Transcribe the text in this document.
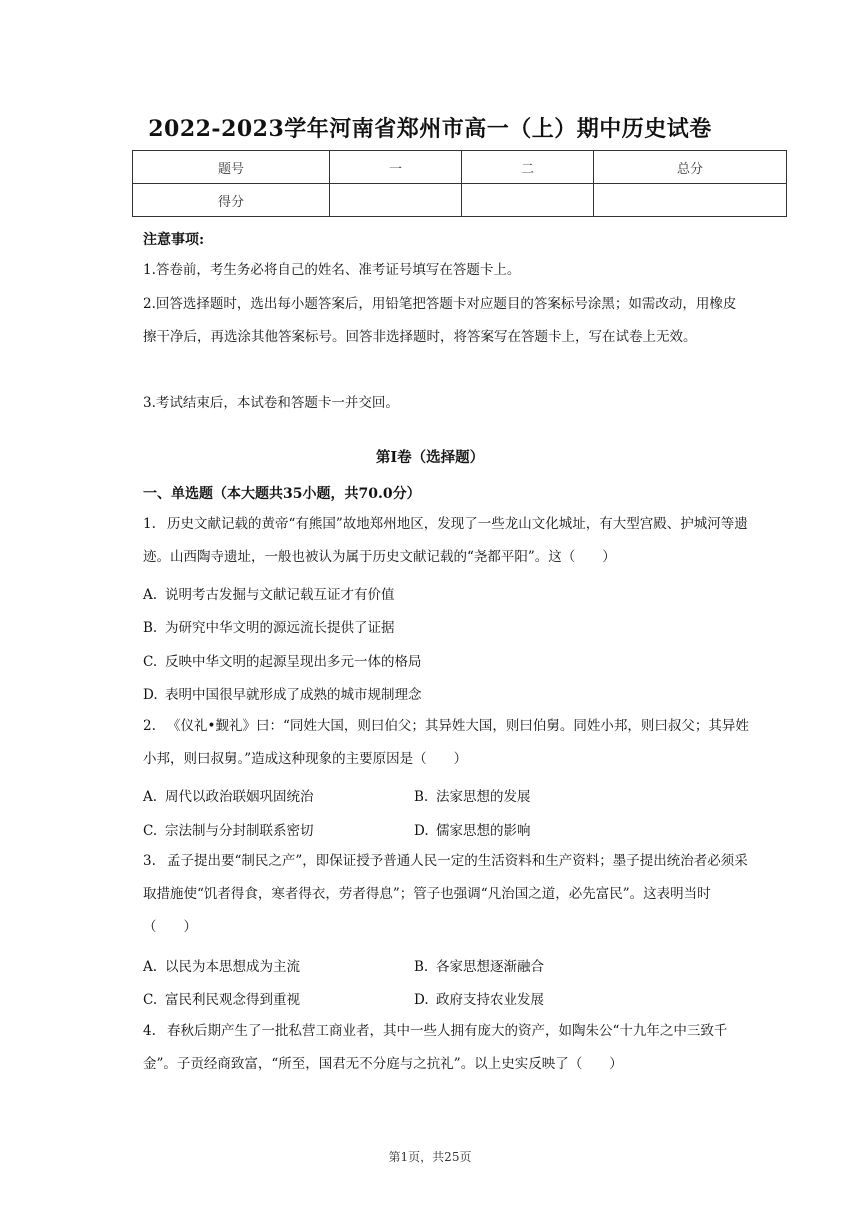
2022-2023学年河南省郑州市高一（上）期中历史试卷
题号	一	二	总分
得分			
注意事项:
1.答卷前，考生务必将自己的姓名、准考证号填写在答题卡上。
2.回答选择题时，选出每小题答案后，用铅笔把答题卡对应题目的答案标号涂黑；如需改动，用橡皮擦干净后，再选涂其他答案标号。回答非选择题时，将答案写在答题卡上，写在试卷上无效。
3.考试结束后，本试卷和答题卡一并交回。
第I卷（选择题）
一、单选题（本大题共35小题，共70.0分）
1. 历史文献记载的黄帝“有熊国”故地郑州地区，发现了一些龙山文化城址，有大型宫殿、护城河等遗迹。山西陶寺遗址，一般也被认为属于历史文献记载的“尧都平阳”。这（　　）
A. 说明考古发掘与文献记载互证才有价值
B. 为研究中华文明的源远流长提供了证据
C. 反映中华文明的起源呈现出多元一体的格局
D. 表明中国很早就形成了成熟的城市规制理念
2. 《仪礼•觐礼》曰：“同姓大国，则曰伯父；其异姓大国，则曰伯舅。同姓小邦，则曰叔父；其异姓小邦，则曰叔舅。”造成这种现象的主要原因是（　　）
A. 周代以政治联姻巩固统治	B. 法家思想的发展
C. 宗法制与分封制联系密切	D. 儒家思想的影响
3. 孟子提出要“制民之产”，即保证授予普通人民一定的生活资料和生产资料；墨子提出统治者必须采取措施使“饥者得食，寒者得衣，劳者得息”；管子也强调“凡治国之道，必先富民”。这表明当时（　　）
A. 以民为本思想成为主流	B. 各家思想逐渐融合
C. 富民利民观念得到重视	D. 政府支持农业发展
4. 春秋后期产生了一批私营工商业者，其中一些人拥有庞大的资产，如陶朱公“十九年之中三致千金”。子贡经商致富，“所至，国君无不分庭与之抗礼”。以上史实反映了（　　）
第1页，共25页
